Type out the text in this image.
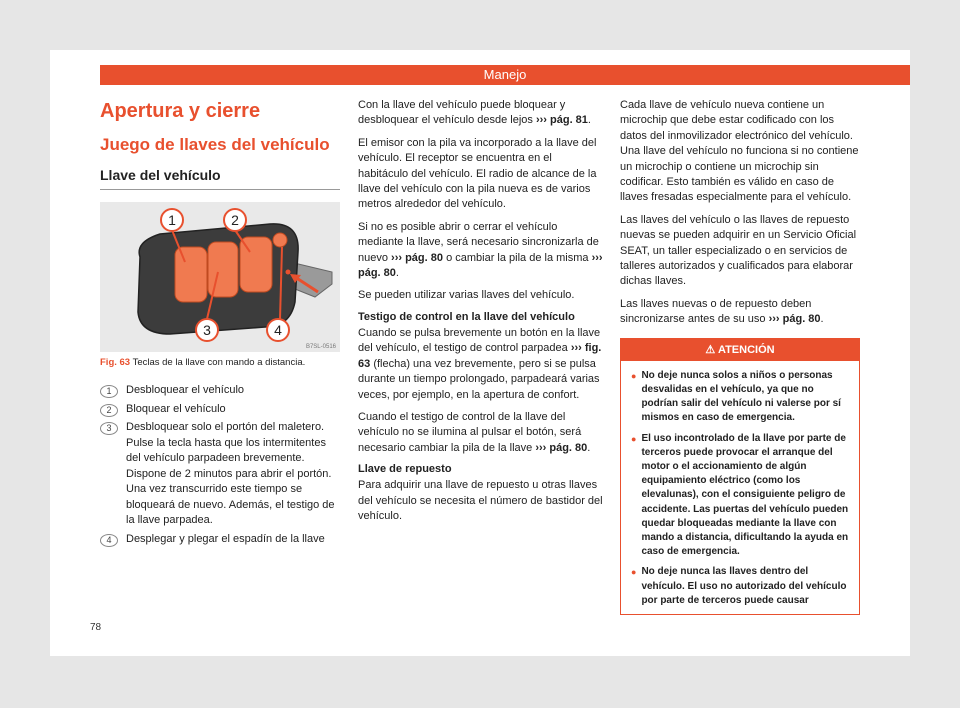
Manejo
Apertura y cierre
Juego de llaves del vehículo
Llave del vehículo
1	2
3	4
B7SL-0516
Fig. 63 Teclas de la llave con mando a distancia.
1	Desbloquear el vehículo
2	Bloquear el vehículo
3	Desbloquear solo el portón del maletero. Pulse la tecla hasta que los intermitentes del vehículo parpadeen brevemente. Dispone de 2 minutos para abrir el portón. Una vez transcurrido este tiempo se bloqueará de nuevo. Además, el testigo de la llave parpadea.
4	Desplegar y plegar el espadín de la llave

Con la llave del vehículo puede bloquear y desbloquear el vehículo desde lejos ››› pág. 81.

El emisor con la pila va incorporado a la llave del vehículo. El receptor se encuentra en el habitáculo del vehículo. El radio de alcance de la llave del vehículo con la pila nueva es de varios metros alrededor del vehículo.

Si no es posible abrir o cerrar el vehículo mediante la llave, será necesario sincronizarla de nuevo ››› pág. 80 o cambiar la pila de la misma ››› pág. 80.

Se pueden utilizar varias llaves del vehículo.

Testigo de control en la llave del vehículo

Cuando se pulsa brevemente un botón en la llave del vehículo, el testigo de control parpadea ››› fig. 63 (flecha) una vez brevemente, pero si se pulsa durante un tiempo prolongado, parpadeará varias veces, por ejemplo, en la apertura de confort.

Cuando el testigo de control de la llave del vehículo no se ilumina al pulsar el botón, será necesario cambiar la pila de la llave ››› pág. 80.

Llave de repuesto

Para adquirir una llave de repuesto u otras llaves del vehículo se necesita el número de bastidor del vehículo.

Cada llave de vehículo nueva contiene un microchip que debe estar codificado con los datos del inmovilizador electrónico del vehículo. Una llave del vehículo no funciona si no contiene un microchip o contiene un microchip sin codificar. Esto también es válido en caso de llaves fresadas especialmente para el vehículo.

Las llaves del vehículo o las llaves de repuesto nuevas se pueden adquirir en un Servicio Oficial SEAT, un taller especializado o en servicios de talleres autorizados y cualificados para elaborar dichas llaves.

Las llaves nuevas o de repuesto deben sincronizarse antes de su uso ››› pág. 80.

⚠ ATENCIÓN
● No deje nunca solos a niños o personas desvalidas en el vehículo, ya que no podrían salir del vehículo ni valerse por sí mismos en caso de emergencia.
● El uso incontrolado de la llave por parte de terceros puede provocar el arranque del motor o el accionamiento de algún equipamiento eléctrico (como los elevalunas), con el consiguiente peligro de accidente. Las puertas del vehículo pueden quedar bloqueadas mediante la llave con mando a distancia, dificultando la ayuda en caso de emergencia.
● No deje nunca las llaves dentro del vehículo. El uso no autorizado del vehículo por parte de terceros puede causar
78
